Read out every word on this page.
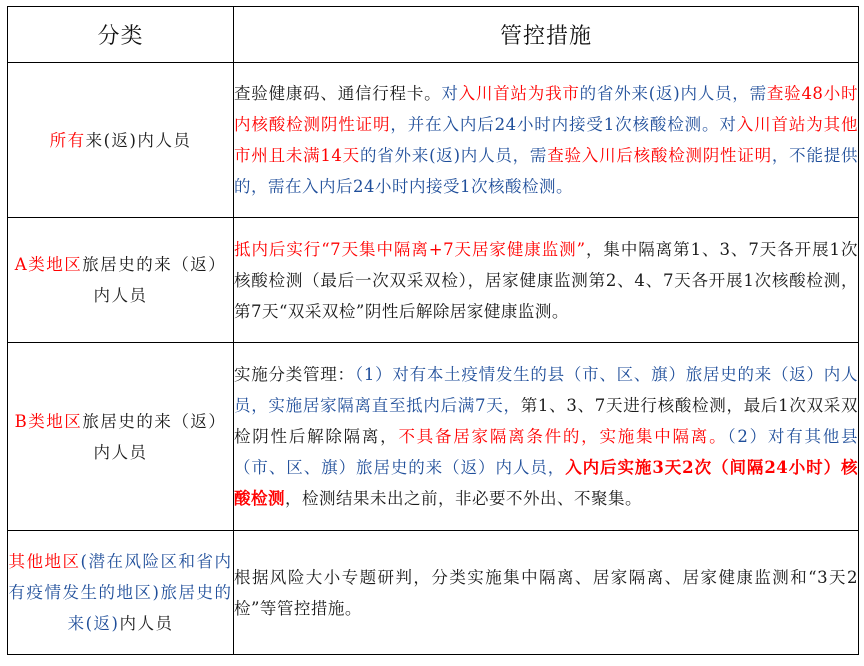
分类	管控措施
所有来(返)内人员	查验健康码、通信行程卡。对入川首站为我市的省外来(返)内人员，需查验48小时内核酸检测阴性证明，并在入内后24小时内接受1次核酸检测。对入川首站为其他市州且未满14天的省外来(返)内人员，需查验入川后核酸检测阴性证明，不能提供的，需在入内后24小时内接受1次核酸检测。
A类地区旅居史的来（返）内人员	抵内后实行“7天集中隔离+7天居家健康监测”，集中隔离第1、3、7天各开展1次核酸检测（最后一次双采双检），居家健康监测第2、4、7天各开展1次核酸检测，第7天“双采双检”阴性后解除居家健康监测。
B类地区旅居史的来（返）内人员	实施分类管理：（1）对有本土疫情发生的县（市、区、旗）旅居史的来（返）内人员，实施居家隔离直至抵内后满7天，第1、3、7天进行核酸检测，最后1次双采双检阴性后解除隔离，不具备居家隔离条件的，实施集中隔离。（2）对有其他县（市、区、旗）旅居史的来（返）内人员，入内后实施3天2次（间隔24小时）核酸检测，检测结果未出之前，非必要不外出、不聚集。
其他地区(潜在风险区和省内有疫情发生的地区)旅居史的来(返)内人员	根据风险大小专题研判，分类实施集中隔离、居家隔离、居家健康监测和“3天2检”等管控措施。
